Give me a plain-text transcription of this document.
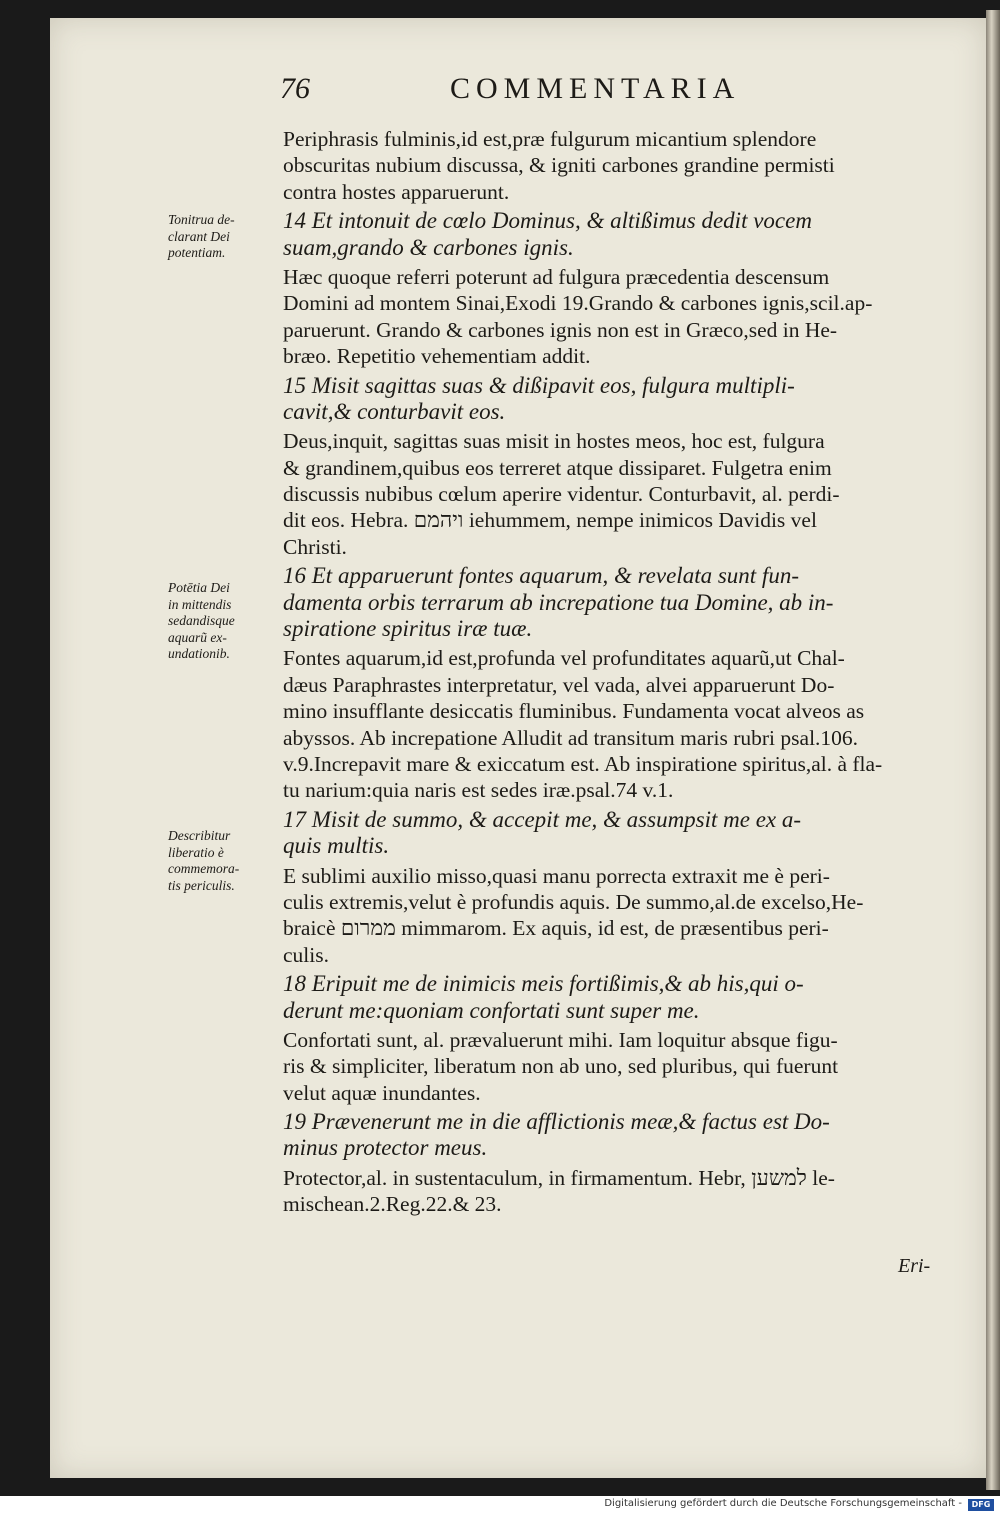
76	COMMENTARIA
Periphrasis fulminis,id est,præ fulgurum micantium splendore
obscuritas nubium discussa, & igniti carbones grandine permisti
contra hostes apparuerunt.
14 Et intonuit de cœlo Dominus, & altißimus dedit vocem
suam,grando & carbones ignis.
Hæc quoque referri poterunt ad fulgura præcedentia descensum
Domini ad montem Sinai,Exodi 19.Grando & carbones ignis,scil.ap-
paruerunt. Grando & carbones ignis non est in Græco,sed in He-
bræo. Repetitio vehementiam addit.
15 Misit sagittas suas & dißipavit eos, fulgura multipli-
cavit,& conturbavit eos.
Deus,inquit, sagittas suas misit in hostes meos, hoc est, fulgura
& grandinem,quibus eos terreret atque dissiparet. Fulgetra enim
discussis nubibus cœlum aperire videntur. Conturbavit, al. perdi-
dit eos. Hebra. ויהמם iehummem, nempe inimicos Davidis vel
Christi.
16 Et apparuerunt fontes aquarum, & revelata sunt fun-
damenta orbis terrarum ab increpatione tua Domine, ab in-
spiratione spiritus iræ tuæ.
Fontes aquarum,id est,profunda vel profunditates aquarũ,ut Chal-
dæus Paraphrastes interpretatur, vel vada, alvei apparuerunt Do-
mino insufflante desiccatis fluminibus. Fundamenta vocat alveos as
abyssos. Ab increpatione Alludit ad transitum maris rubri psal.106.
v.9.Increpavit mare & exiccatum est. Ab inspiratione spiritus,al. à fla-
tu narium:quia naris est sedes iræ.psal.74 v.1.
17 Misit de summo, & accepit me, & assumpsit me ex a-
quis multis.
E sublimi auxilio misso,quasi manu porrecta extraxit me è peri-
culis extremis,velut è profundis aquis. De summo,al.de excelso,He-
braicè ממרום mimmarom. Ex aquis, id est, de præsentibus peri-
culis.
18 Eripuit me de inimicis meis fortißimis,& ab his,qui o-
derunt me:quoniam confortati sunt super me.
Confortati sunt, al. prævaluerunt mihi. Iam loquitur absque figu-
ris & simpliciter, liberatum non ab uno, sed pluribus, qui fuerunt
velut aquæ inundantes.
19 Prævenerunt me in die afflictionis meæ,& factus est Do-
minus protector meus.
Protector,al. in sustentaculum, in firmamentum. Hebr, למשען le-
mischean.2.Reg.22.& 23.
Tonitrua de-
clarant Dei
potentiam.
Potētia Dei
in mittendis
sedandisque
aquarũ ex-
undationib.
Describitur
liberatio è
commemora-
tis periculis.
Eri-
Digitalisierung gefördert durch die Deutsche Forschungsgemeinschaft -	DFG
